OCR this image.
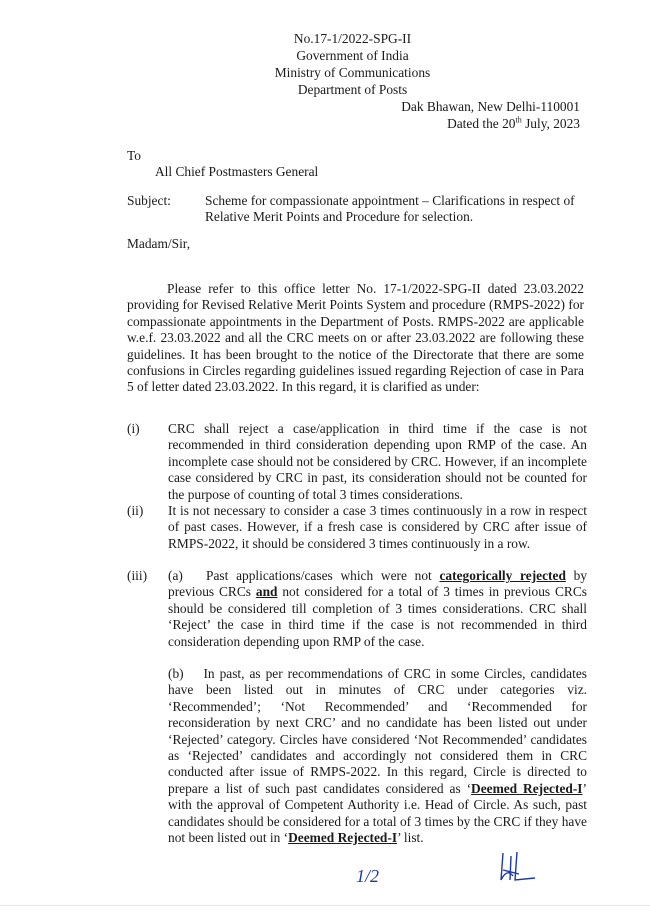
No.17-1/2022-SPG-II
Government of India
Ministry of Communications
Department of Posts
Dak Bhawan, New Delhi-110001
Dated the 20th July, 2023
To
All Chief Postmasters General
Subject:	Scheme for compassionate appointment – Clarifications in respect of Relative Merit Points and Procedure for selection.
Madam/Sir,
Please refer to this office letter No. 17-1/2022-SPG-II dated 23.03.2022 providing for Revised Relative Merit Points System and procedure (RMPS-2022) for compassionate appointments in the Department of Posts. RMPS-2022 are applicable w.e.f. 23.03.2022 and all the CRC meets on or after 23.03.2022 are following these guidelines. It has been brought to the notice of the Directorate that there are some confusions in Circles regarding guidelines issued regarding Rejection of case in Para 5 of letter dated 23.03.2022. In this regard, it is clarified as under:
(i) CRC shall reject a case/application in third time if the case is not recommended in third consideration depending upon RMP of the case. An incomplete case should not be considered by CRC. However, if an incomplete case considered by CRC in past, its consideration should not be counted for the purpose of counting of total 3 times considerations.
(ii) It is not necessary to consider a case 3 times continuously in a row in respect of past cases. However, if a fresh case is considered by CRC after issue of RMPS-2022, it should be considered 3 times continuously in a row.
(iii) (a) Past applications/cases which were not categorically rejected by previous CRCs and not considered for a total of 3 times in previous CRCs should be considered till completion of 3 times considerations. CRC shall ‘Reject’ the case in third time if the case is not recommended in third consideration depending upon RMP of the case.
(b) In past, as per recommendations of CRC in some Circles, candidates have been listed out in minutes of CRC under categories viz. ‘Recommended’; ‘Not Recommended’ and ‘Recommended for reconsideration by next CRC’ and no candidate has been listed out under ‘Rejected’ category. Circles have considered ‘Not Recommended’ candidates as ‘Rejected’ candidates and accordingly not considered them in CRC conducted after issue of RMPS-2022. In this regard, Circle is directed to prepare a list of such past candidates considered as ‘Deemed Rejected-I’ with the approval of Competent Authority i.e. Head of Circle. As such, past candidates should be considered for a total of 3 times by the CRC if they have not been listed out in ‘Deemed Rejected-I’ list.
1/2
